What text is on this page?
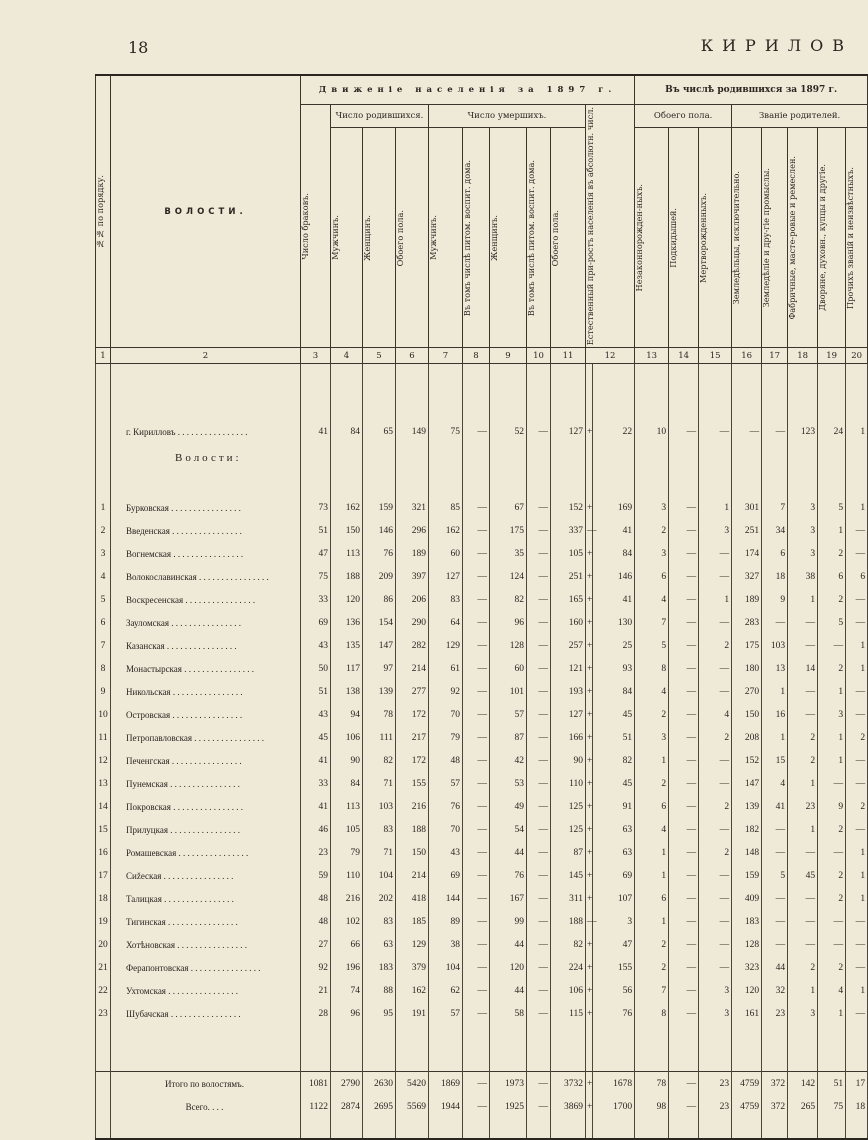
18	КИРИЛОВ
№№ по порядку.	ВОЛОСТИ.	Движеніе населенія за 1897 г.											Въ числѣ родившихся за 1897 г.							

		Число браковъ.	Число родившихся.			Число умершихъ.					Естественный при-ростъ населенія въ абсолютн. числ.		Обоего пола.			Званіе родителей.				

			Мужчинъ.	Женщинъ.	Обоего пола.	Мужчинъ.	Въ томъ числѣ питом. воспит. дома.	Женщинъ.	Въ томъ числѣ питом. воспит. дома.	Обоего пола.			Незаконнорожден-ныхъ.	Подкидышей.	Мертворожденныхъ.	Земледѣльцы, исключительно.	Земледѣліе и дру-гіе промыслы.	Фабричные, масте-ровые и ремеслен.	Дворяне, духовн., купцы и другіе.	Прочихъ званій и неизвѣстныхъ.

1	2	3	4	5	6	7	8	9	10	11	12		13	14	15	16	17	18	19	20

	г. Кирилловъ . . .	41	84	65	149	75	—	52	—	127	+	22	10	—	—	—	—	123	24	1
	Волости:																			

1	Бурковская . . .	73	162	159	321	85	—	67	—	152	+	169	3	—	1	301	7	3	5	1
2	Введенская . . .	51	150	146	296	162	—	175	—	337	—	41	2	—	3	251	34	3	1	—
3	Вогнемская . . .	47	113	76	189	60	—	35	—	105	+	84	3	—	—	174	6	3	2	—
4	Волокославинская . . .	75	188	209	397	127	—	124	—	251	+	146	6	—	—	327	18	38	6	6
5	Воскресенская . . .	33	120	86	206	83	—	82	—	165	+	41	4	—	1	189	9	1	2	—
6	Зауломская . . .	69	136	154	290	64	—	96	—	160	+	130	7	—	—	283	—	—	5	—
7	Казанская . . .	43	135	147	282	129	—	128	—	257	+	25	5	—	2	175	103	—	—	1
8	Монастырская . . .	50	117	97	214	61	—	60	—	121	+	93	8	—	—	180	13	14	2	1
9	Никольская . . .	51	138	139	277	92	—	101	—	193	+	84	4	—	—	270	1	—	1	—
10	Островская . . .	43	94	78	172	70	—	57	—	127	+	45	2	—	4	150	16	—	3	—
11	Петропавловская . . .	45	106	111	217	79	—	87	—	166	+	51	3	—	2	208	1	2	1	2
12	Печенгская . . .	41	90	82	172	48	—	42	—	90	+	82	1	—	—	152	15	2	1	—
13	Пунемская . . .	33	84	71	155	57	—	53	—	110	+	45	2	—	—	147	4	1	—	—
14	Покровская . . .	41	113	103	216	76	—	49	—	125	+	91	6	—	2	139	41	23	9	2
15	Прилуцкая . . .	46	105	83	188	70	—	54	—	125	+	63	4	—	—	182	—	1	2	—
16	Ромашевская . . .	23	79	71	150	43	—	44	—	87	+	63	1	—	2	148	—	—	—	1
17	Сиžеская . . .	59	110	104	214	69	—	76	—	145	+	69	1	—	—	159	5	45	2	1
18	Талицкая . . .	48	216	202	418	144	—	167	—	311	+	107	6	—	—	409	—	—	2	1
19	Тигинская . . .	48	102	83	185	89	—	99	—	188	—	3	1	—	—	183	—	—	—	—
20	Хотѣновская . . .	27	66	63	129	38	—	44	—	82	+	47	2	—	—	128	—	—	—	—
21	Ферапонтовская . . .	92	196	183	379	104	—	120	—	224	+	155	2	—	—	323	44	2	2	—
22	Ухтомская . . .	21	74	88	162	62	—	44	—	106	+	56	7	—	3	120	32	1	4	1
23	Шубачская . . .	28	96	95	191	57	—	58	—	115	+	76	8	—	3	161	23	3	1	—

	Итого по волостямъ.	1081	2790	2630	5420	1869	—	1973	—	3732	+	1678	78	—	23	4759	372	142	51	17
	Всего. . . .	1122	2874	2695	5569	1944	—	1925	—	3869	+	1700	98	—	23	4759	372	265	75	18
